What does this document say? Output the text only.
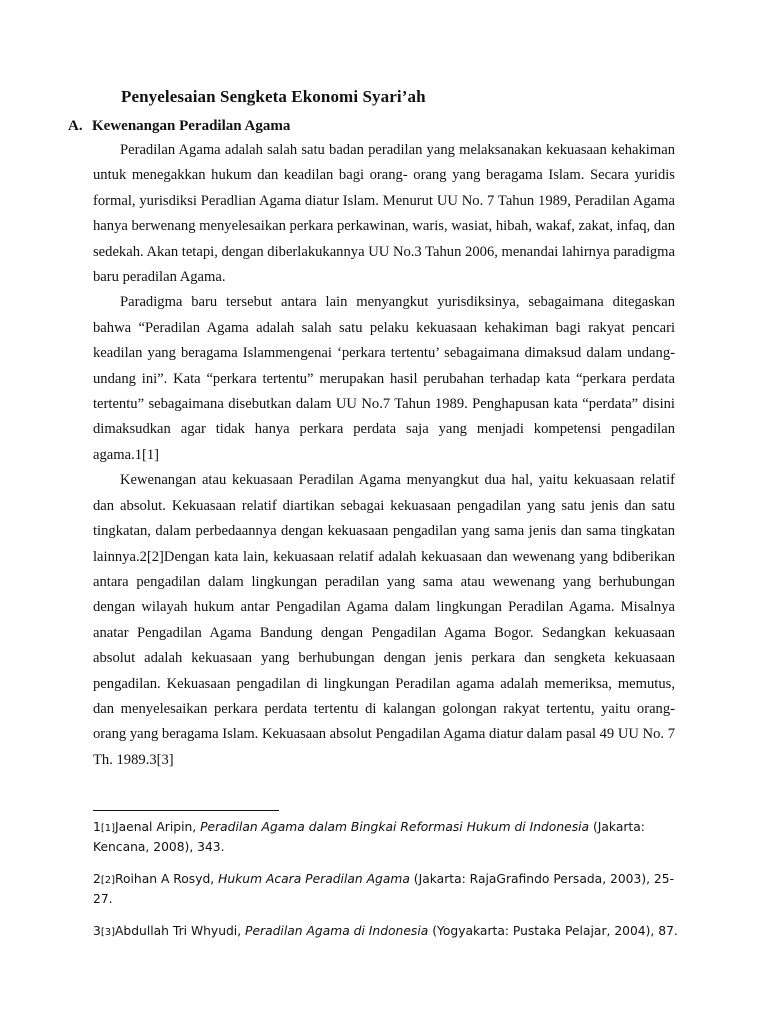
Penyelesaian Sengketa Ekonomi Syari’ah
A. Kewenangan Peradilan Agama

Peradilan Agama adalah salah satu badan peradilan yang melaksanakan kekuasaan kehakiman untuk menegakkan hukum dan keadilan bagi orang- orang yang beragama Islam. Secara yuridis formal, yurisdiksi Peradlian Agama diatur Islam. Menurut UU No. 7 Tahun 1989, Peradilan Agama hanya berwenang menyelesaikan perkara perkawinan, waris, wasiat, hibah, wakaf, zakat, infaq, dan sedekah. Akan tetapi, dengan diberlakukannya UU No.3 Tahun 2006, menandai lahirnya paradigma baru peradilan Agama.

Paradigma baru tersebut antara lain menyangkut yurisdiksinya, sebagaimana ditegaskan bahwa “Peradilan Agama adalah salah satu pelaku kekuasaan kehakiman bagi rakyat pencari keadilan yang beragama Islammengenai ‘perkara tertentu’ sebagaimana dimaksud dalam undang-undang ini”. Kata “perkara tertentu” merupakan hasil perubahan terhadap kata “perkara perdata tertentu” sebagaimana disebutkan dalam UU No.7 Tahun 1989. Penghapusan kata “perdata” disini dimaksudkan agar tidak hanya perkara perdata saja yang menjadi kompetensi pengadilan agama.1[1]

Kewenangan atau kekuasaan Peradilan Agama menyangkut dua hal, yaitu kekuasaan relatif dan absolut. Kekuasaan relatif diartikan sebagai kekuasaan pengadilan yang satu jenis dan satu tingkatan, dalam perbedaannya dengan kekuasaan pengadilan yang sama jenis dan sama tingkatan lainnya.2[2]Dengan kata lain, kekuasaan relatif adalah kekuasaan dan wewenang yang bdiberikan antara pengadilan dalam lingkungan peradilan yang sama atau wewenang yang berhubungan dengan wilayah hukum antar Pengadilan Agama dalam lingkungan Peradilan Agama. Misalnya anatar Pengadilan Agama Bandung dengan Pengadilan Agama Bogor. Sedangkan kekuasaan absolut adalah kekuasaan yang berhubungan dengan jenis perkara dan sengketa kekuasaan pengadilan. Kekuasaan pengadilan di lingkungan Peradilan agama adalah memeriksa, memutus, dan menyelesaikan perkara perdata tertentu di kalangan golongan rakyat tertentu, yaitu orang-orang yang beragama Islam. Kekuasaan absolut Pengadilan Agama diatur dalam pasal 49 UU No. 7 Th. 1989.3[3]

1[1]Jaenal Aripin, Peradilan Agama dalam Bingkai Reformasi Hukum di Indonesia (Jakarta: Kencana, 2008), 343.

2[2]Roihan A Rosyd, Hukum Acara Peradilan Agama (Jakarta: RajaGrafindo Persada, 2003), 25-27.

3[3]Abdullah Tri Whyudi, Peradilan Agama di Indonesia (Yogyakarta: Pustaka Pelajar, 2004), 87.
